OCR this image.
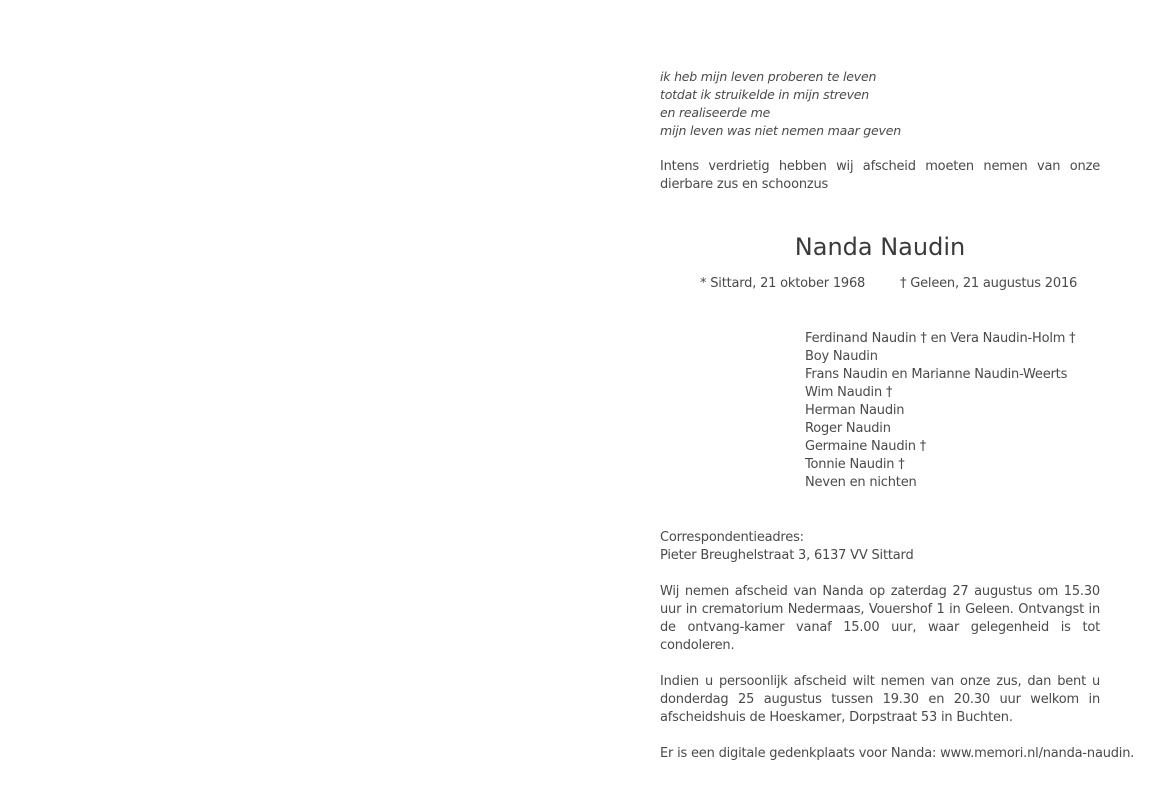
ik heb mijn leven proberen te leven
totdat ik struikelde in mijn streven
en realiseerde me
mijn leven was niet nemen maar geven

Intens verdrietig hebben wij afscheid moeten nemen van onze dierbare zus en schoonzus

Nanda Naudin
* Sittard, 21 oktober 1968	† Geleen, 21 augustus 2016
Ferdinand Naudin † en Vera Naudin-Holm †
Boy Naudin
Frans Naudin en Marianne Naudin-Weerts
Wim Naudin †
Herman Naudin
Roger Naudin
Germaine Naudin †
Tonnie Naudin †
Neven en nichten
Correspondentieadres:
Pieter Breughelstraat 3, 6137 VV Sittard

Wij nemen afscheid van Nanda op zaterdag 27 augustus om 15.30 uur in crematorium Nedermaas, Vouershof 1 in Geleen. Ontvangst in de ontvang-kamer vanaf 15.00 uur, waar gelegenheid is tot condoleren.

Indien u persoonlijk afscheid wilt nemen van onze zus, dan bent u donderdag 25 augustus tussen 19.30 en 20.30 uur welkom in afscheidshuis de Hoeskamer, Dorpstraat 53 in Buchten.

Er is een digitale gedenkplaats voor Nanda: www.memori.nl/nanda-naudin.
